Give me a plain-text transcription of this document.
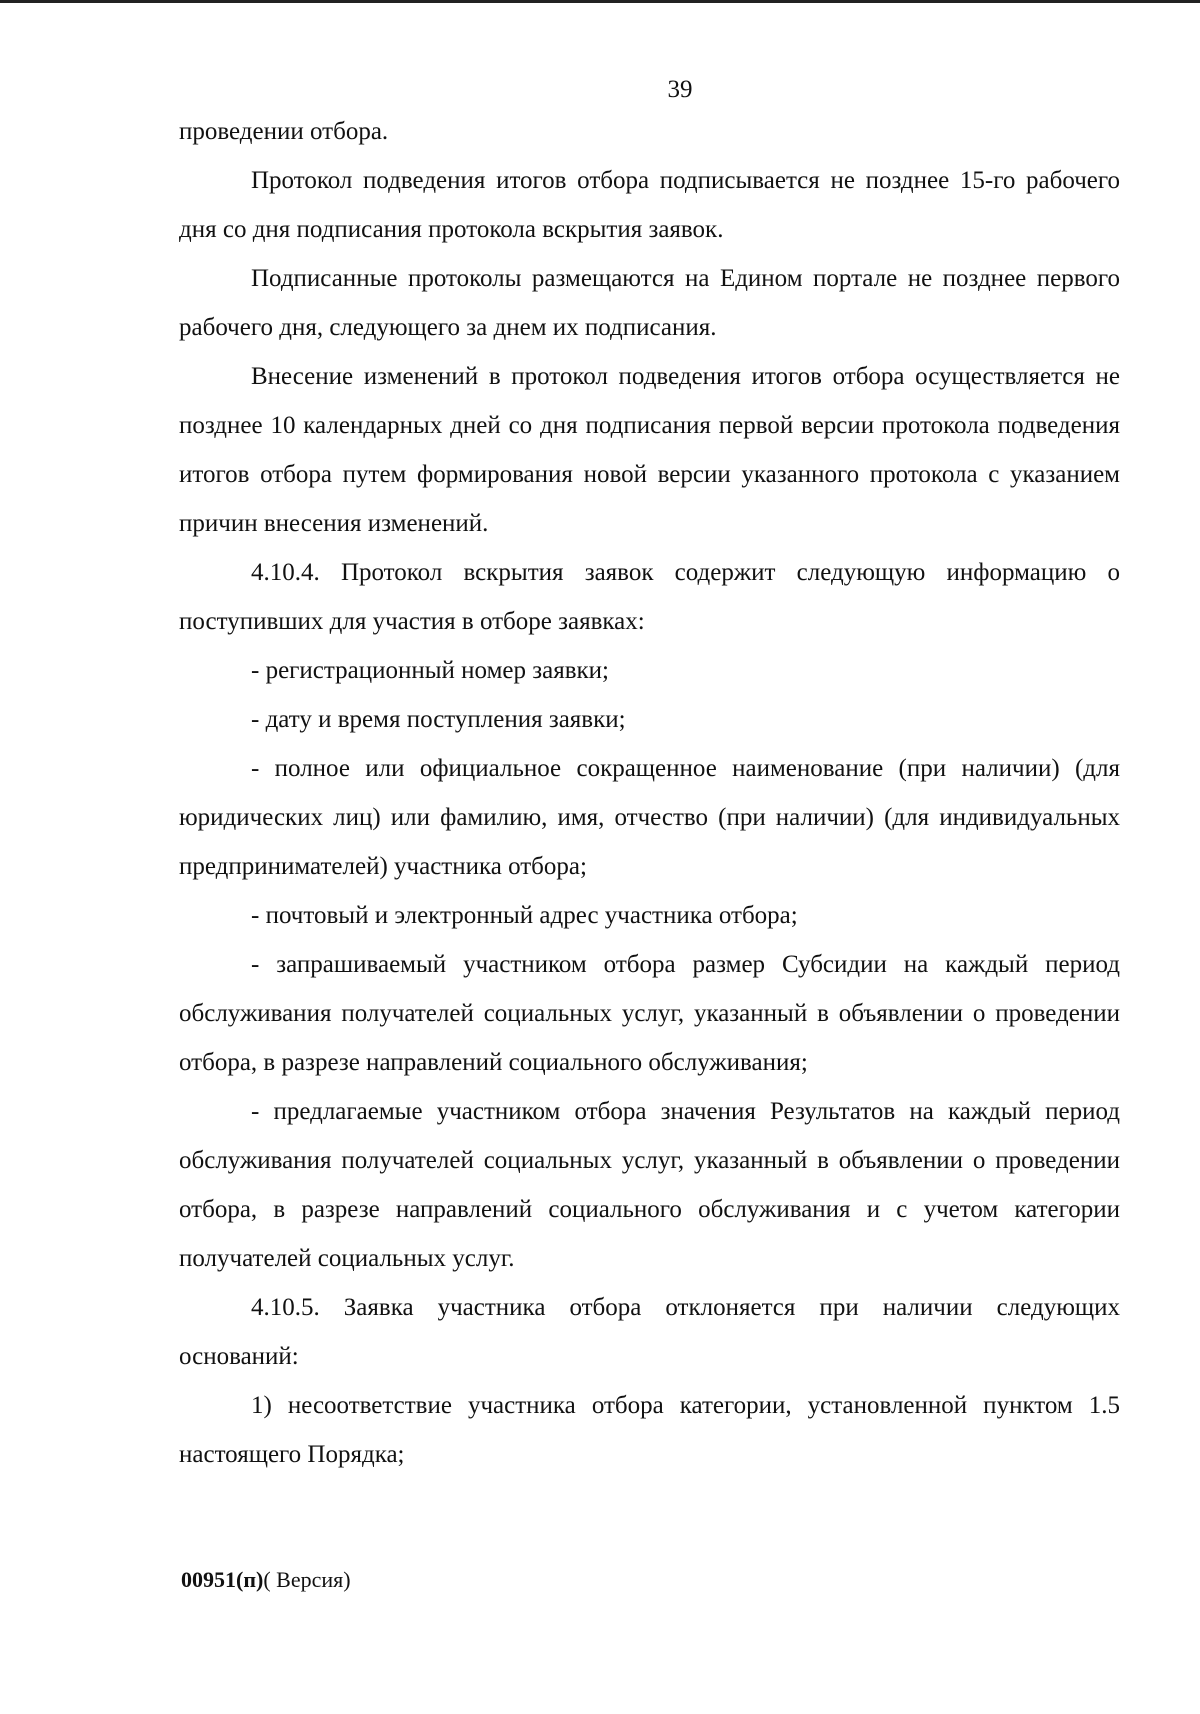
39

проведении отбора.

Протокол подведения итогов отбора подписывается не позднее 15-го рабочего дня со дня подписания протокола вскрытия заявок.

Подписанные протоколы размещаются на Едином портале не позднее первого рабочего дня, следующего за днем их подписания.

Внесение изменений в протокол подведения итогов отбора осуществляется не позднее 10 календарных дней со дня подписания первой версии протокола подведения итогов отбора путем формирования новой версии указанного протокола с указанием причин внесения изменений.

4.10.4. Протокол вскрытия заявок содержит следующую информацию о поступивших для участия в отборе заявках:

- регистрационный номер заявки;

- дату и время поступления заявки;

- полное или официальное сокращенное наименование (при наличии) (для юридических лиц) или фамилию, имя, отчество (при наличии) (для индивидуальных предпринимателей) участника отбора;

- почтовый и электронный адрес участника отбора;

- запрашиваемый участником отбора размер Субсидии на каждый период обслуживания получателей социальных услуг, указанный в объявлении о проведении отбора, в разрезе направлений социального обслуживания;

- предлагаемые участником отбора значения Результатов на каждый период обслуживания получателей социальных услуг, указанный в объявлении о проведении отбора, в разрезе направлений социального обслуживания и с учетом категории получателей социальных услуг.

4.10.5. Заявка участника отбора отклоняется при наличии следующих оснований:

1) несоответствие участника отбора категории, установленной пунктом 1.5 настоящего Порядка;

00951(п)( Версия)
